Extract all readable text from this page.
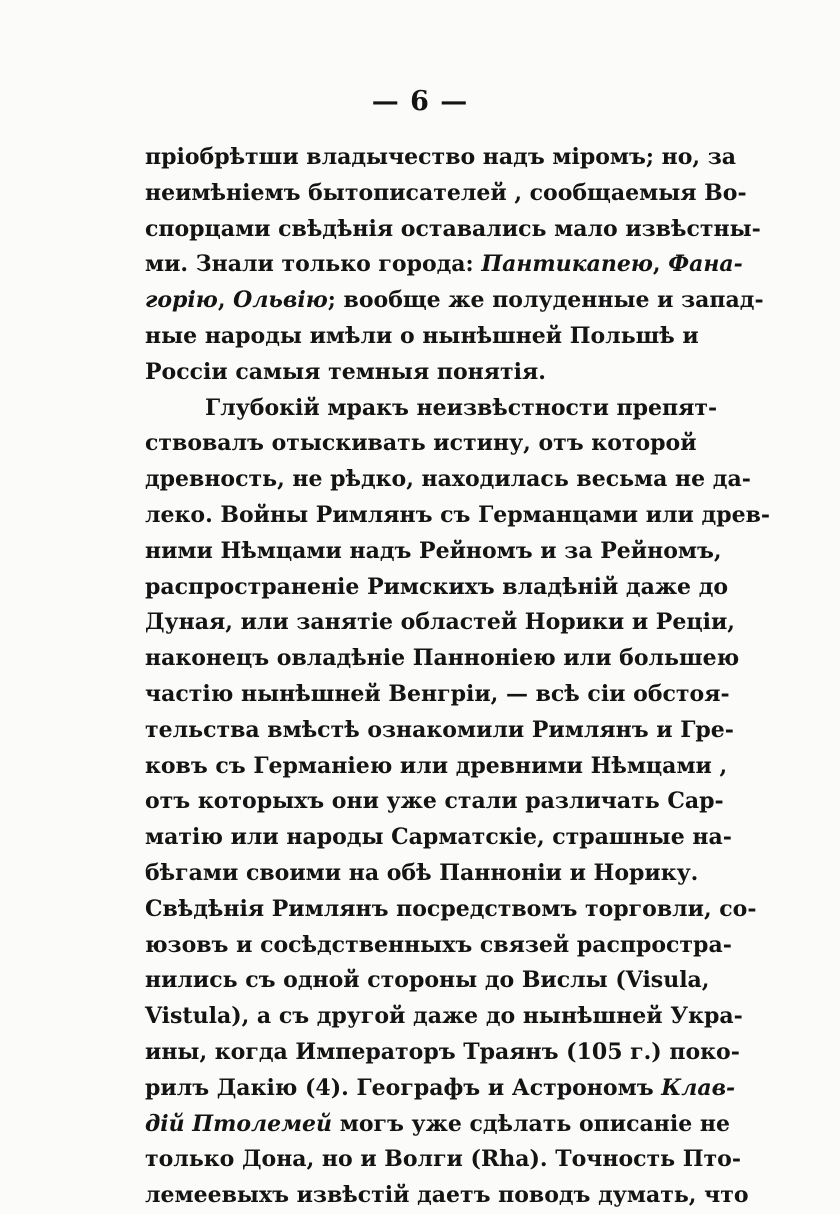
— 6 —
пріобрѣтши владычество надъ міромъ; но, за
неимѣніемъ бытописателей , сообщаемыя Во-
спорцами свѣдѣнія оставались мало извѣстны-
ми. Знали только города: Пантикапею, Фана-
горію, Ольвію; вообще же полуденные и запад-
ные народы имѣли о нынѣшней Польшѣ и
Россіи самыя темныя понятія.
Глубокій мракъ неизвѣстности препят-
ствовалъ отыскивать истину, отъ которой
древность, не рѣдко, находилась весьма не да-
леко. Войны Римлянъ съ Германцами или древ-
ними Нѣмцами надъ Рейномъ и за Рейномъ,
распространеніе Римскихъ владѣній даже до
Дуная, или занятіе областей Норики и Реціи,
наконецъ овладѣніе Панноніею или большею
частію нынѣшней Венгріи, — всѣ сіи обстоя-
тельства вмѣстѣ ознакомили Римлянъ и Гре-
ковъ съ Германіею или древними Нѣмцами ,
отъ которыхъ они уже стали различать Сар-
матію или народы Сарматскіе, страшные на-
бѣгами своими на обѣ Панноніи и Норику.
Свѣдѣнія Римлянъ посредствомъ торговли, со-
юзовъ и сосѣдственныхъ связей распростра-
нились съ одной стороны до Вислы (Visula,
Vistula), а съ другой даже до нынѣшней Укра-
ины, когда Императоръ Траянъ (105 г.) поко-
рилъ Дакію (4). Географъ и Астрономъ Клав-
дій Птолемей могъ уже сдѣлать описаніе не
только Дона, но и Волги (Rha). Точность Пто-
лемеевыхъ извѣстій даетъ поводъ думать, что
